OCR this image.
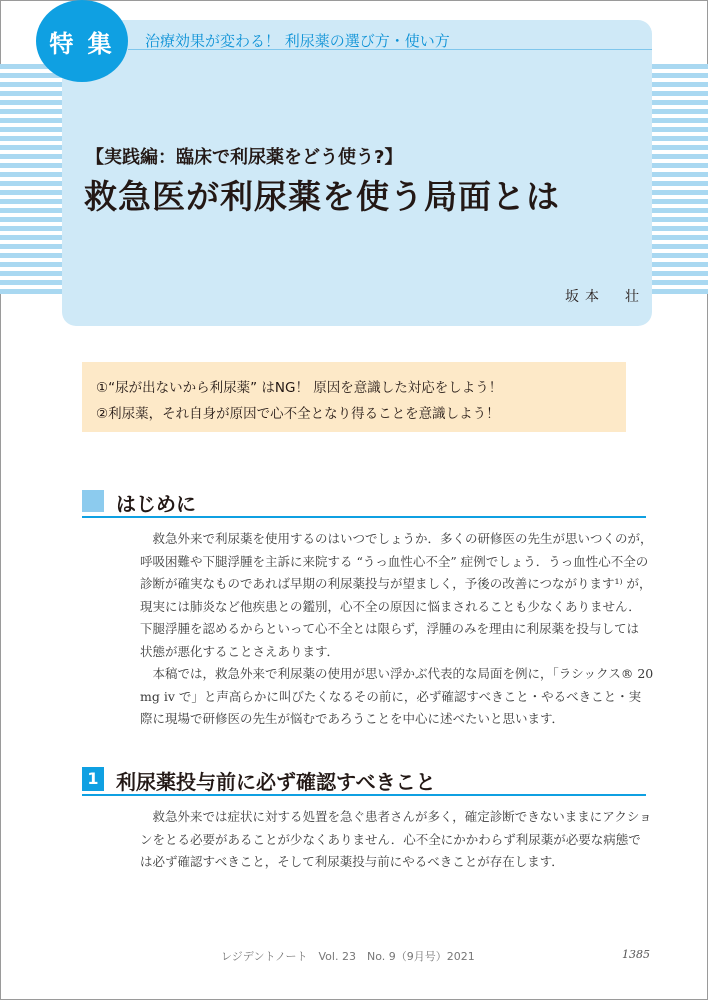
特 集	治療効果が変わる！ 利尿薬の選び方・使い方
【実践編：臨床で利尿薬をどう使う?】
救急医が利尿薬を使う局面とは
坂本　壮
①“尿が出ないから利尿薬” はNG！ 原因を意識した対応をしよう！
②利尿薬，それ自身が原因で心不全となり得ることを意識しよう！
はじめに
　救急外来で利尿薬を使用するのはいつでしょうか．多くの研修医の先生が思いつくのが，
呼吸困難や下腿浮腫を主訴に来院する “うっ血性心不全” 症例でしょう．うっ血性心不全の
診断が確実なものであれば早期の利尿薬投与が望ましく，予後の改善につながります¹⁾ が，
現実には肺炎など他疾患との鑑別，心不全の原因に悩まされることも少なくありません．
下腿浮腫を認めるからといって心不全とは限らず，浮腫のみを理由に利尿薬を投与しては
状態が悪化することさえあります．
　本稿では，救急外来で利尿薬の使用が思い浮かぶ代表的な局面を例に，「ラシックス® 20
mg iv で」と声高らかに叫びたくなるその前に，必ず確認すべきこと・やるべきこと・実
際に現場で研修医の先生が悩むであろうことを中心に述べたいと思います．
1 利尿薬投与前に必ず確認すべきこと
　救急外来では症状に対する処置を急ぐ患者さんが多く，確定診断できないままにアクショ
ンをとる必要があることが少なくありません．心不全にかかわらず利尿薬が必要な病態で
は必ず確認すべきこと，そして利尿薬投与前にやるべきことが存在します．
レジデントノート　Vol. 23　No. 9（9月号）2021	1385
